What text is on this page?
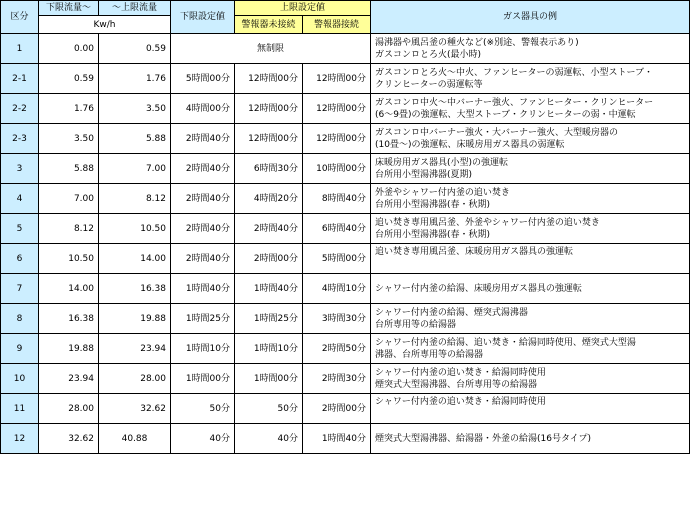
区分	下限流量～	～上限流量	下限設定値	上限設定値		ガス器具の例
	Kw/h			警報器未接続	警報器接続	
1	0.00	0.59	無制限			湯沸器や風呂釜の種火など(※別途、警報表示あり)
ガスコンロとろ火(最小時)

2-1	0.59	1.76	5時間00分	12時間00分	12時間00分	ガスコンロとろ火～中火、ファンヒーターの弱運転、小型ストーブ・
クリンヒーターの弱運転等

2-2	1.76	3.50	4時間00分	12時間00分	12時間00分	ガスコンロ中火～中バーナー強火、ファンヒーター・クリンヒーター
(6～9畳)の強運転、大型ストーブ・クリンヒーターの弱・中運転

2-3	3.50	5.88	2時間40分	12時間00分	12時間00分	ガスコンロ中バーナー強火・大バーナー強火、大型暖房器の
(10畳～)の強運転、床暖房用ガス器具の弱運転

3	5.88	7.00	2時間40分	6時間30分	10時間00分	床暖房用ガス器具(小型)の強運転
台所用小型湯沸器(夏期)

4	7.00	8.12	2時間40分	4時間20分	8時間40分	外釜やシャワー付内釜の追い焚き
台所用小型湯沸器(春・秋期)

5	8.12	10.50	2時間40分	2時間40分	6時間40分	追い焚き専用風呂釜、外釜やシャワー付内釜の追い焚き
台所用小型湯沸器(春・秋期)

6	10.50	14.00	2時間40分	2時間00分	5時間00分	追い焚き専用風呂釜、床暖房用ガス器具の強運転

7	14.00	16.38	1時間40分	1時間40分	4時間10分	シャワー付内釜の給湯、床暖房用ガス器具の強運転

8	16.38	19.88	1時間25分	1時間25分	3時間30分	シャワー付内釜の給湯、煙突式湯沸器
台所専用等の給湯器

9	19.88	23.94	1時間10分	1時間10分	2時間50分	シャワー付内釜の給湯、追い焚き・給湯同時使用、煙突式大型湯
沸器、台所専用等の給湯器

10	23.94	28.00	1時間00分	1時間00分	2時間30分	シャワー付内釜の追い焚き・給湯同時使用
煙突式大型湯沸器、台所専用等の給湯器

11	28.00	32.62	50分	50分	2時間00分	シャワー付内釜の追い焚き・給湯同時使用

12	32.62	40.88	40分	40分	1時間40分	煙突式大型湯沸器、給湯器・外釜の給湯(16号タイプ)
